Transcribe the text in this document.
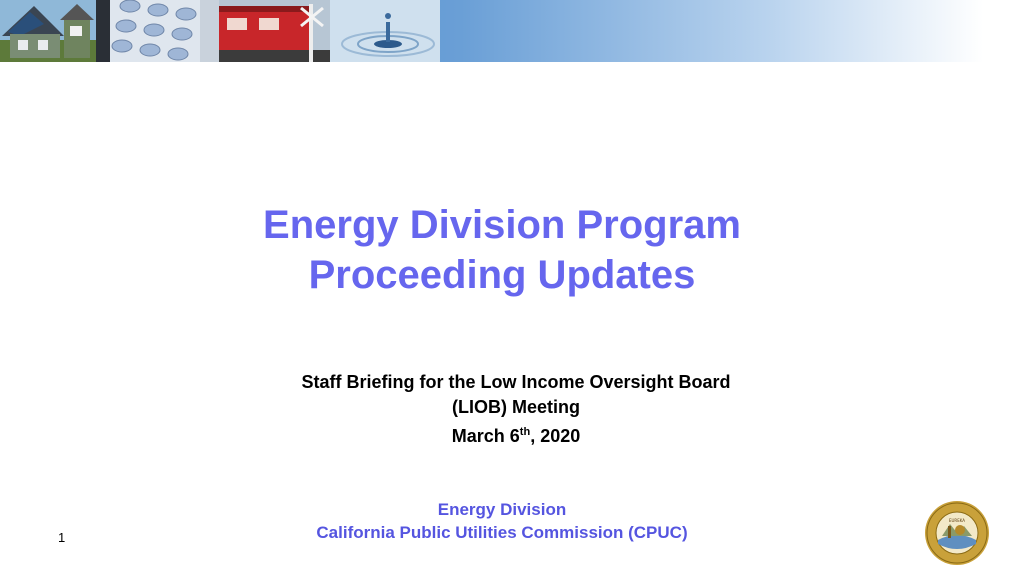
Energy Division Program
Proceeding Updates
Staff Briefing for the Low Income Oversight Board
(LIOB) Meeting
March 6th, 2020
Energy Division
California Public Utilities Commission (CPUC)
1
EUREKA
